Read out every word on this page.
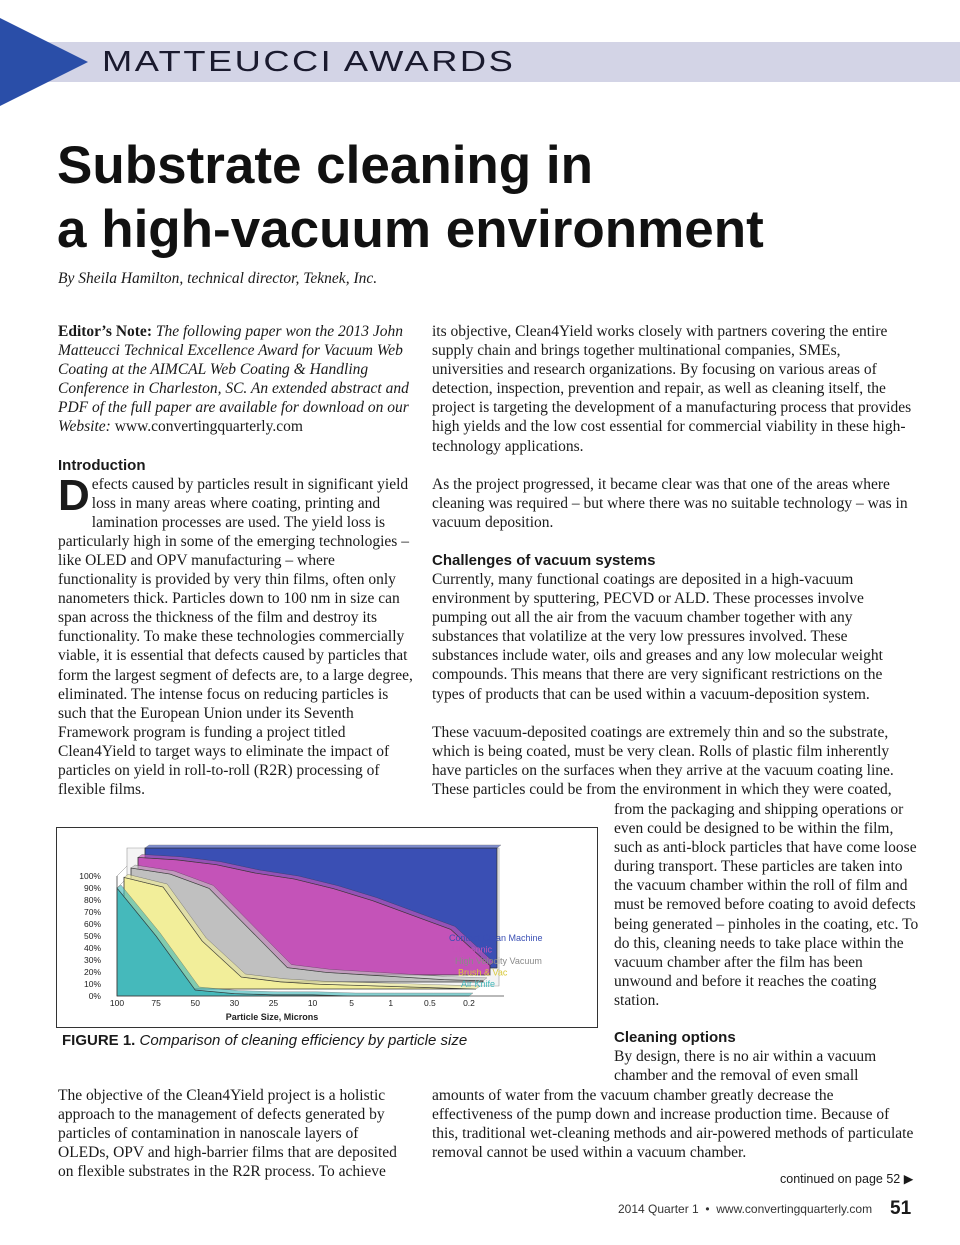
MATTEUCCI AWARDS
Substrate cleaning in
a high-vacuum environment
By Sheila Hamilton, technical director, Teknek, Inc.

Editor’s Note: The following paper won the 2013 John Matteucci Technical Excellence Award for Vacuum Web Coating at the AIMCAL Web Coating & Handling Conference in Charleston, SC. An extended abstract and PDF of the full paper are available for download on our Website: www.convertingquarterly.com

Introduction

Defects caused by particles result in significant yield loss in many areas where coating, printing and lamination processes are used. The yield loss is particularly high in some of the emerging technologies – like OLED and OPV manufacturing – where functionality is provided by very thin films, often only nanometers thick. Particles down to 100 nm in size can span across the thickness of the film and destroy its functionality. To make these technologies commercially viable, it is essential that defects caused by particles that form the largest segment of defects are, to a large degree, eliminated. The intense focus on reducing particles is such that the European Union under its Seventh Framework program is funding a project titled Clean4Yield to target ways to eliminate the impact of particles on yield in roll-to-roll (R2R) processing of flexible films.

100%
90%
80%
70%
60%
50%
40%
30%
20%
10%
0%
100	75	50	30	25	10	5	1	0.5	0.2
Contact Clean Machine
Ultrasonic
High Velocity Vacuum
Brush & Vac
Air Knife
Particle Size, Microns
FIGURE 1. Comparison of cleaning efficiency by particle size
The objective of the Clean4Yield project is a holistic approach to the management of defects generated by particles of contamination in nanoscale layers of OLEDs, OPV and high-barrier films that are deposited on flexible substrates in the R2R process. To achieve

its objective, Clean4Yield works closely with partners covering the entire supply chain and brings together multinational companies, SMEs, universities and research organizations. By focusing on various areas of detection, inspection, prevention and repair, as well as cleaning itself, the project is targeting the development of a manufacturing process that provides high yields and the low cost essential for commercial viability in these high-technology applications.

As the project progressed, it became clear was that one of the areas where cleaning was required – but where there was no suitable technology – was in vacuum deposition.

Challenges of vacuum systems

Currently, many functional coatings are deposited in a high-vacuum environment by sputtering, PECVD or ALD. These processes involve pumping out all the air from the vacuum chamber together with any substances that volatilize at the very low pressures involved. These substances include water, oils and greases and any low molecular weight compounds. This means that there are very significant restrictions on the types of products that can be used within a vacuum-deposition system.

These vacuum-deposited coatings are extremely thin and so the substrate, which is being coated, must be very clean. Rolls of plastic film inherently have particles on the surfaces when they arrive at the vacuum coating line. These particles could be from the environment in which they were coated,

from the packaging and shipping operations or even could be designed to be within the film, such as anti-block particles that have come loose during transport. These particles are taken into the vacuum chamber within the roll of film and must be removed before coating to avoid defects being generated – pinholes in the coating, etc. To do this, cleaning needs to take place within the vacuum chamber after the film has been unwound and before it reaches the coating station.
Cleaning options

By design, there is no air within a vacuum chamber and the removal of even small

amounts of water from the vacuum chamber greatly decrease the effectiveness of the pump down and increase production time. Because of this, traditional wet-cleaning methods and air-powered methods of particulate removal cannot be used within a vacuum chamber.
continued on page 52 ▶
2014 Quarter 1 • www.convertingquarterly.com 51
